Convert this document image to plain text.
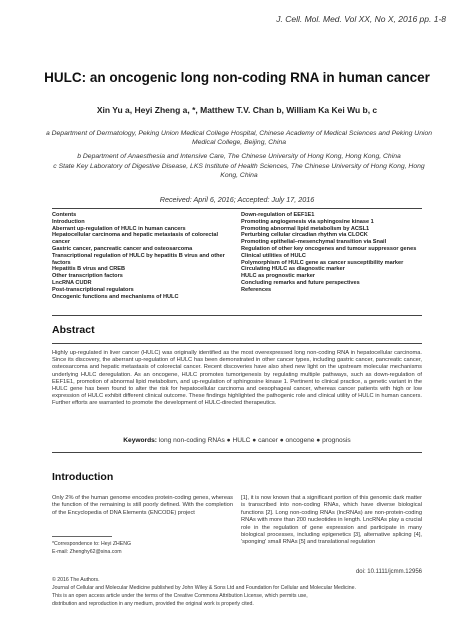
J. Cell. Mol. Med. Vol XX, No X, 2016 pp. 1-8
HULC: an oncogenic long non-coding RNA in human cancer
Xin Yu a, Heyi Zheng a, *, Matthew T.V. Chan b, William Ka Kei Wu b, c
a Department of Dermatology, Peking Union Medical College Hospital, Chinese Academy of Medical Sciences and Peking Union Medical College, Beijing, China
b Department of Anaesthesia and Intensive Care, The Chinese University of Hong Kong, Hong Kong, China
c State Key Laboratory of Digestive Disease, LKS Institute of Health Sciences, The Chinese University of Hong Kong, Hong Kong, China
Received: April 6, 2016; Accepted: July 17, 2016
Contents
Introduction
Aberrant up-regulation of HULC in human cancers
Hepatocellular carcinoma and hepatic metastasis of colorectal cancer
Gastric cancer, pancreatic cancer and osteosarcoma
Transcriptional regulation of HULC by hepatitis B virus and other factors
Hepatitis B virus and CREB
Other transcription factors
LncRNA CUDR
Post-transcriptional regulators
Oncogenic functions and mechanisms of HULC
Down-regulation of EEF1E1
Promoting angiogenesis via sphingosine kinase 1
Promoting abnormal lipid metabolism by ACSL1
Perturbing cellular circadian rhythm via CLOCK
Promoting epithelial–mesenchymal transition via Snail
Regulation of other key oncogenes and tumour suppressor genes
Clinical utilities of HULC
Polymorphism of HULC gene as cancer susceptibility marker
Circulating HULC as diagnostic marker
HULC as prognostic marker
Concluding remarks and future perspectives
References
Abstract
Highly up-regulated in liver cancer (HULC) was originally identified as the most overexpressed long non-coding RNA in hepatocellular carcinoma. Since its discovery, the aberrant up-regulation of HULC has been demonstrated in other cancer types, including gastric cancer, pancreatic cancer, osteosarcoma and hepatic metastasis of colorectal cancer. Recent discoveries have also shed new light on the upstream molecular mechanisms underlying HULC deregulation. As an oncogene, HULC promotes tumorigenesis by regulating multiple pathways, such as down-regulation of EEF1E1, promotion of abnormal lipid metabolism, and up-regulation of sphingosine kinase 1. Pertinent to clinical practice, a genetic variant in the HULC gene has been found to alter the risk for hepatocellular carcinoma and oesophageal cancer, whereas cancer patients with high or low expression of HULC exhibit different clinical outcome. These findings highlighted the pathogenic role and clinical utility of HULC in human cancers. Further efforts are warranted to promote the development of HULC-directed therapeutics.
Keywords: long non-coding RNAs ● HULC ● cancer ● oncogene ● prognosis
Introduction
Only 2% of the human genome encodes protein-coding genes, whereas the function of the remaining is still poorly defined. With the completion of the Encyclopedia of DNA Elements (ENCODE) project
[1], it is now known that a significant portion of this genomic dark matter is transcribed into non-coding RNAs, which have diverse biological functions [2]. Long non-coding RNAs (lncRNAs) are non-protein-coding RNAs with more than 200 nucleotides in length. LncRNAs play a crucial role in the regulation of gene expression and participate in many biological processes, including epigenetics [3], alternative splicing [4], 'sponging' small RNAs [5] and translational regulation
*Correspondence to: Heyi ZHENG
E-mail: Zhenghy62@sina.com
doi: 10.1111/jcmm.12956
© 2016 The Authors.
Journal of Cellular and Molecular Medicine published by John Wiley & Sons Ltd and Foundation for Cellular and Molecular Medicine.
This is an open access article under the terms of the Creative Commons Attribution License, which permits use,
distribution and reproduction in any medium, provided the original work is properly cited.
